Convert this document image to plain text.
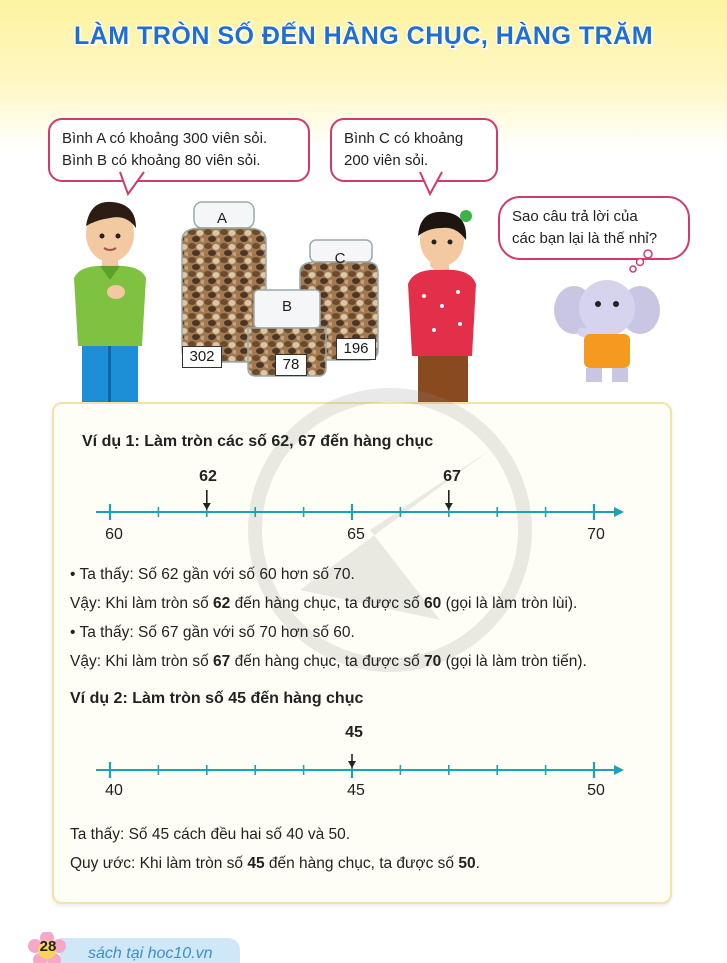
LÀM TRÒN SỐ ĐẾN HÀNG CHỤC, HÀNG TRĂM
Bình A có khoảng 300 viên sỏi.
Bình B có khoảng 80 viên sỏi.
Bình C có khoảng
200 viên sỏi.
Sao câu trả lời của
các bạn lại là thế nhỉ?
A
B
C
302	78
196
Ví dụ 1: Làm tròn các số 62, 67 đến hàng chục
60	65	70
62	67
• Ta thấy: Số 62 gần với số 60 hơn số 70.
Vậy: Khi làm tròn số 62 đến hàng chục, ta được số 60 (gọi là làm tròn lùi).
• Ta thấy: Số 67 gần với số 70 hơn số 60.
Vậy: Khi làm tròn số 67 đến hàng chục, ta được số 70 (gọi là làm tròn tiến).
Ví dụ 2: Làm tròn số 45 đến hàng chục
40	45	50
45
Ta thấy: Số 45 cách đều hai số 40 và 50.
Quy ước: Khi làm tròn số 45 đến hàng chục, ta được số 50.
28	sách tại hoc10.vn
